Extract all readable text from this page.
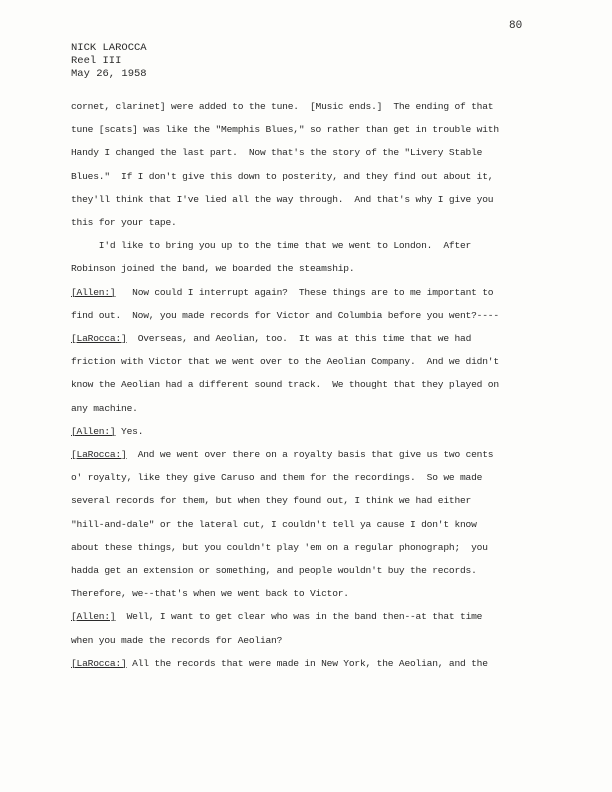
80
NICK LAROCCA
Reel III
May 26, 1958
cornet, clarinet] were added to the tune.  [Music ends.]  The ending of that
tune [scats] was like the "Memphis Blues," so rather than get in trouble with
Handy I changed the last part.  Now that's the story of the "Livery Stable
Blues."  If I don't give this down to posterity, and they find out about it,
they'll think that I've lied all the way through.  And that's why I give you
this for your tape.
I'd like to bring you up to the time that we went to London.  After
Robinson joined the band, we boarded the steamship.
[Allen:]   Now could I interrupt again?  These things are to me important to
find out.  Now, you made records for Victor and Columbia before you went?----
[LaRocca:]  Overseas, and Aeolian, too.  It was at this time that we had
friction with Victor that we went over to the Aeolian Company.  And we didn't
know the Aeolian had a different sound track.  We thought that they played on
any machine.
[Allen:] Yes.
[LaRocca:]  And we went over there on a royalty basis that give us two cents
o' royalty, like they give Caruso and them for the recordings.  So we made
several records for them, but when they found out, I think we had either
"hill-and-dale" or the lateral cut, I couldn't tell ya cause I don't know
about these things, but you couldn't play 'em on a regular phonograph;  you
hadda get an extension or something, and people wouldn't buy the records.
Therefore, we--that's when we went back to Victor.
[Allen:]  Well, I want to get clear who was in the band then--at that time
when you made the records for Aeolian?
[LaRocca:] All the records that were made in New York, the Aeolian, and the
